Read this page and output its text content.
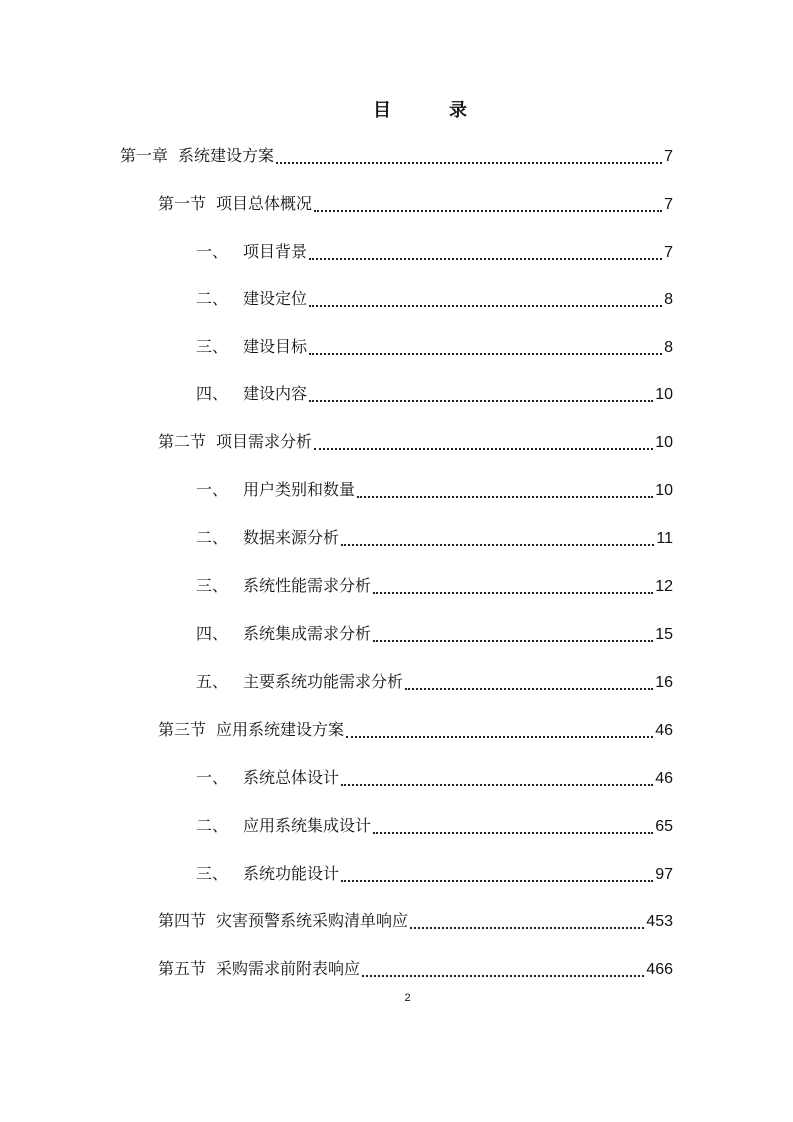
目　录
第一章 系统建设方案	7
第一节 项目总体概况	7
一、 项目背景	7
二、 建设定位	8
三、 建设目标	8
四、 建设内容	10
第二节 项目需求分析	10
一、 用户类别和数量	10
二、 数据来源分析	11
三、 系统性能需求分析	12
四、 系统集成需求分析	15
五、 主要系统功能需求分析	16
第三节 应用系统建设方案	46
一、 系统总体设计	46
二、 应用系统集成设计	65
三、 系统功能设计	97
第四节 灾害预警系统采购清单响应	453
第五节 采购需求前附表响应	466
2
